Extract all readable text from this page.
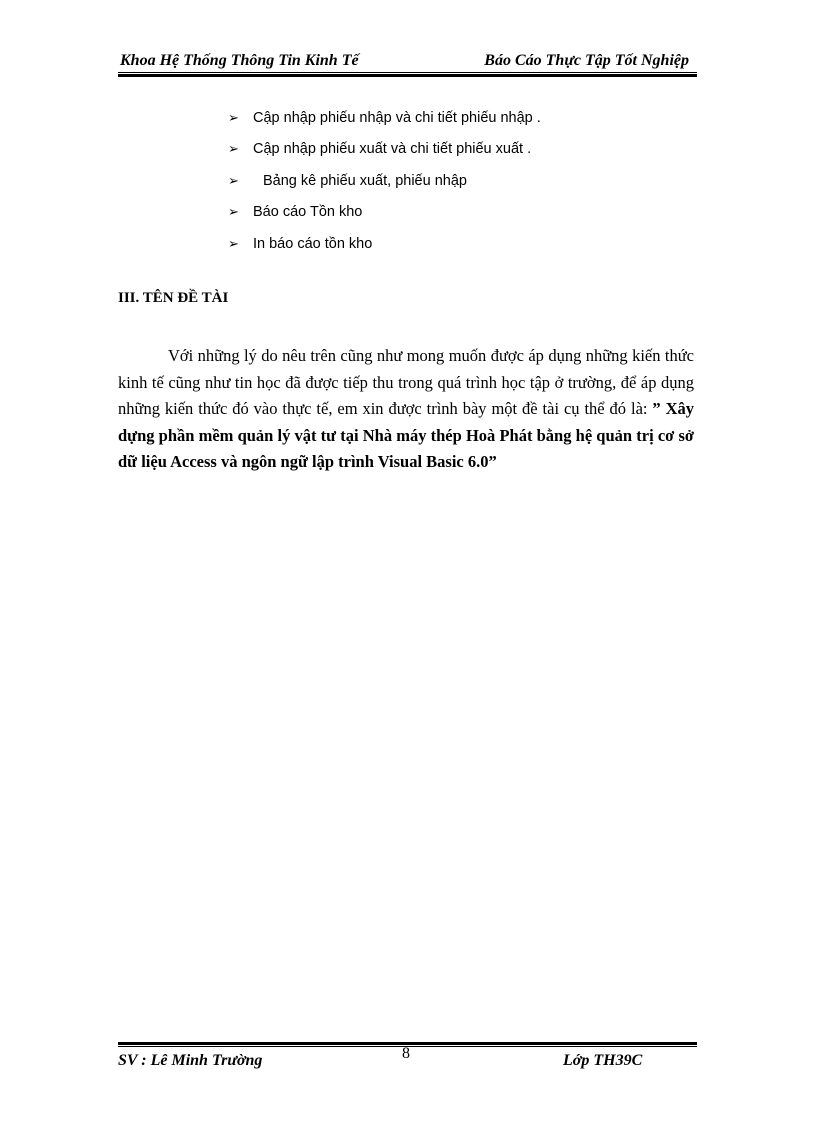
Khoa Hệ Thống Thông Tin Kinh Tế	Báo Cáo Thực Tập Tốt Nghiệp
➢ Cập nhập phiếu nhập và chi tiết phiếu nhập .
➢ Cập nhập phiếu xuất và chi tiết phiếu xuất .
➢	Bảng kê phiếu xuất, phiếu nhập
➢ Báo cáo Tồn kho
➢ In báo cáo tồn kho
III. TÊN ĐỀ TÀI

Với những lý do nêu trên cũng như mong muốn được áp dụng những kiến thức kinh tế cũng như tin học đã được tiếp thu trong quá trình học tập ở trường, để áp dụng những kiến thức đó vào thực tế, em xin được trình bày một đề tài cụ thể đó là: ” Xây dựng phần mềm quản lý vật tư tại Nhà máy thép Hoà Phát bằng hệ quản trị cơ sở dữ liệu Access và ngôn ngữ lập trình Visual Basic 6.0”

SV : Lê Minh Trường	8	Lớp TH39C
